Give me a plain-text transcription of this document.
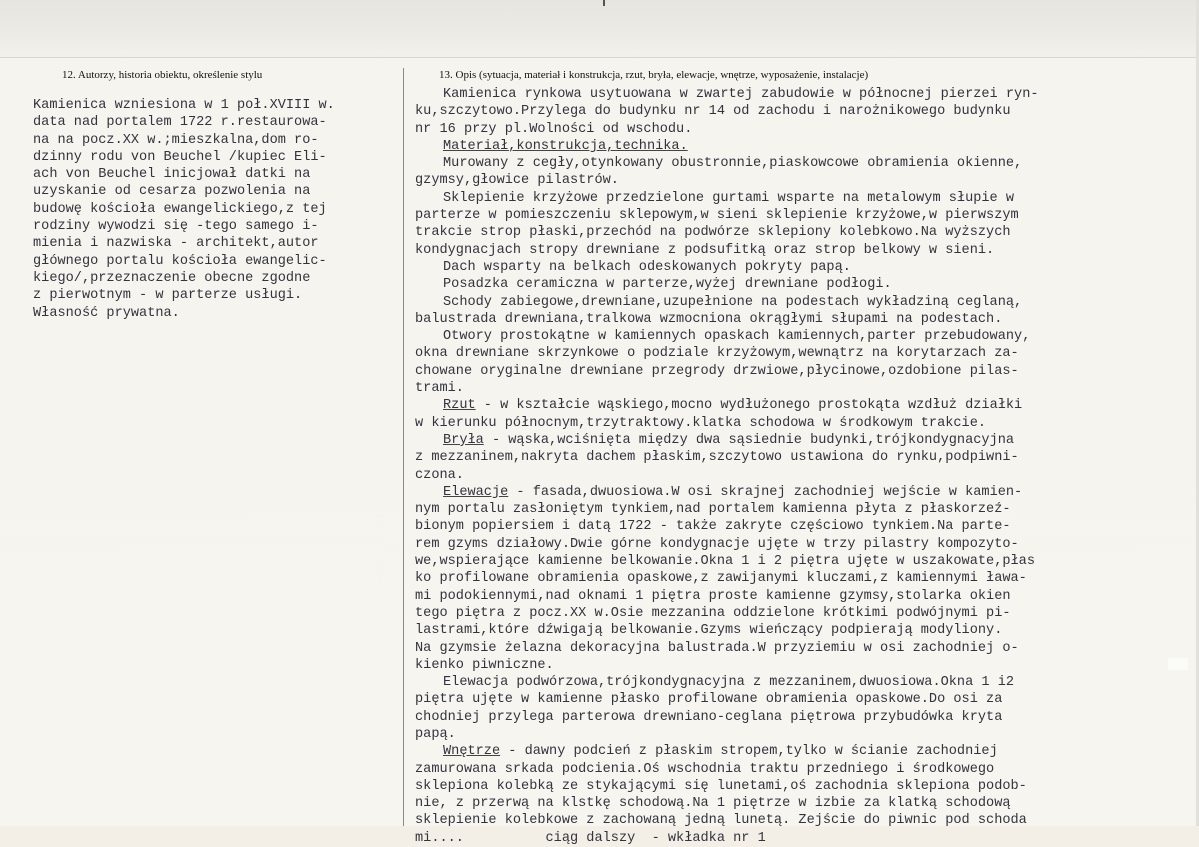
12. Autorzy, historia obiektu, określenie stylu	13. Opis (sytuacja, materiał i konstrukcja, rzut, bryła, elewacje, wnętrze, wyposażenie, instalacje)
Kamienica wzniesiona w 1 poł.XVIII w.
data nad portalem 1722 r.restaurowa-
na na pocz.XX w.;mieszkalna,dom ro-
dzinny rodu von Beuchel /kupiec Eli-
ach von Beuchel inicjował datki na
uzyskanie od cesarza pozwolenia na
budowę kościoła ewangelickiego,z tej
rodziny wywodzi się -tego samego i-
mienia i nazwiska - architekt,autor
głównego portalu kościoła ewangelic-
kiego/,przeznaczenie obecne zgodne
z pierwotnym - w parterze usługi.
Własność prywatna.
Kamienica rynkowa usytuowana w zwartej zabudowie w północnej pierzei ryn-
ku,szczytowo.Przylega do budynku nr 14 od zachodu i narożnikowego budynku
nr 16 przy pl.Wolności od wschodu.
Materiał,konstrukcja,technika.
Murowany z cegły,otynkowany obustronnie,piaskowcowe obramienia okienne,
gzymsy,głowice pilastrów.
Sklepienie krzyżowe przedzielone gurtami wsparte na metalowym słupie w
parterze w pomieszczeniu sklepowym,w sieni sklepienie krzyżowe,w pierwszym
trakcie strop płaski,przechód na podwórze sklepiony kolebkowo.Na wyższych
kondygnacjach stropy drewniane z podsufitką oraz strop belkowy w sieni.
Dach wsparty na belkach odeskowanych pokryty papą.
Posadzka ceramiczna w parterze,wyżej drewniane podłogi.
Schody zabiegowe,drewniane,uzupełnione na podestach wykładziną ceglaną,
balustrada drewniana,tralkowa wzmocniona okrągłymi słupami na podestach.
Otwory prostokątne w kamiennych opaskach kamiennych,parter przebudowany,
okna drewniane skrzynkowe o podziale krzyżowym,wewnątrz na korytarzach za-
chowane oryginalne drewniane przegrody drzwiowe,płycinowe,ozdobione pilas-
trami.
Rzut - w kształcie wąskiego,mocno wydłużonego prostokąta wzdłuż działki
w kierunku północnym,trzytraktowy.klatka schodowa w środkowym trakcie.
Bryła - wąska,wciśnięta między dwa sąsiednie budynki,trójkondygnacyjna
z mezzaninem,nakryta dachem płaskim,szczytowo ustawiona do rynku,podpiwni-
czona.
Elewacje - fasada,dwuosiowa.W osi skrajnej zachodniej wejście w kamien-
nym portalu zasłoniętym tynkiem,nad portalem kamienna płyta z płaskorzeź-
bionym popiersiem i datą 1722 - także zakryte częściowo tynkiem.Na parte-
rem gzyms działowy.Dwie górne kondygnacje ujęte w trzy pilastry kompozyto-
we,wspierające kamienne belkowanie.Okna 1 i 2 piętra ujęte w uszakowate,płas
ko profilowane obramienia opaskowe,z zawijanymi kluczami,z kamiennymi ława-
mi podokiennymi,nad oknami 1 piętra proste kamienne gzymsy,stolarka okien
tego piętra z pocz.XX w.Osie mezzanina oddzielone krótkimi podwójnymi pi-
lastrami,które dźwigają belkowanie.Gzyms wieńczący podpierają modyliony.
Na gzymsie żelazna dekoracyjna balustrada.W przyziemiu w osi zachodniej o-
kienko piwniczne.
Elewacja podwórzowa,trójkondygnacyjna z mezzaninem,dwuosiowa.Okna 1 i2
piętra ujęte w kamienne płasko profilowane obramienia opaskowe.Do osi za
chodniej przylega parterowa drewniano-ceglana piętrowa przybudówka kryta
papą.
Wnętrze - dawny podcień z płaskim stropem,tylko w ścianie zachodniej
zamurowana srkada podcienia.Oś wschodnia traktu przedniego i środkowego
sklepiona kolebką ze stykającymi się lunetami,oś zachodnia sklepiona podob-
nie, z przerwą na klstkę schodową.Na 1 piętrze w izbie za klatką schodową
sklepienie kolebkowe z zachowaną jedną lunetą. Zejście do piwnic pod schoda
mi....          ciąg dalszy  - wkładka nr 1
